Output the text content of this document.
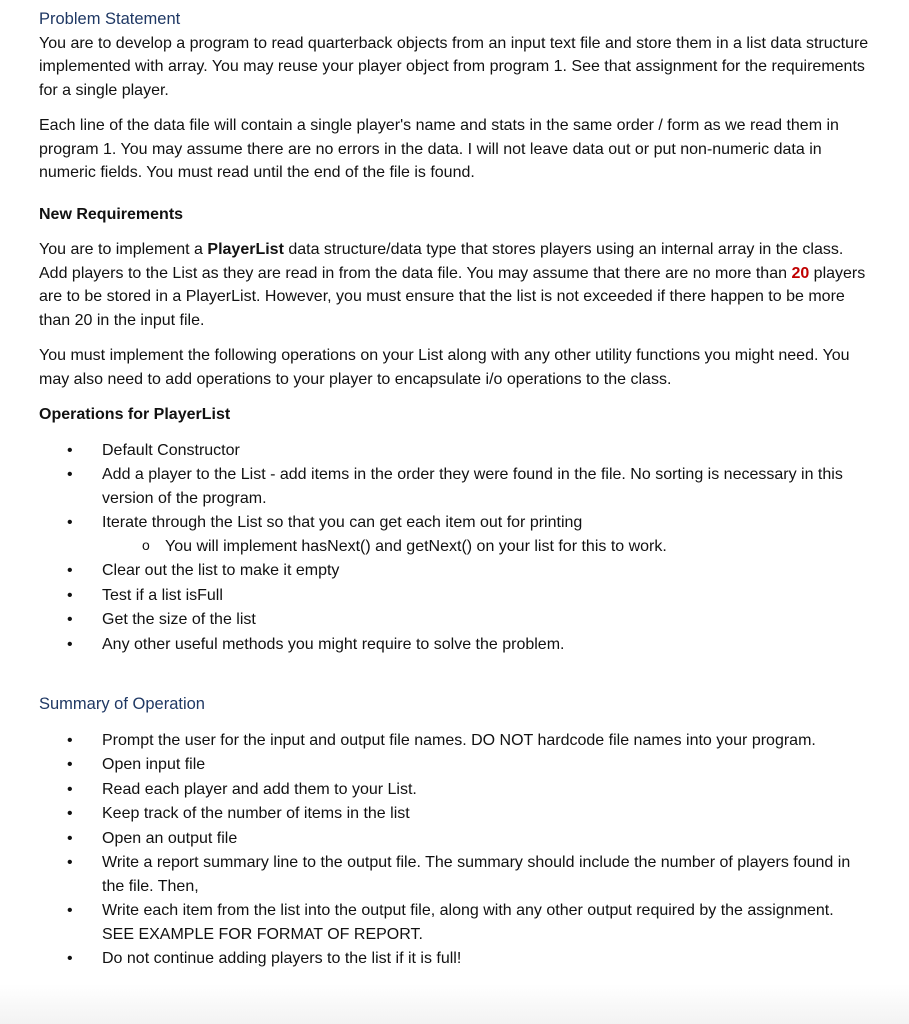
Problem Statement

You are to develop a program to read quarterback objects from an input text file and store them in a list data structure implemented with array. You may reuse your player object from program 1. See that assignment for the requirements for a single player.

Each line of the data file will contain a single player's name and stats in the same order / form as we read them in program 1. You may assume there are no errors in the data. I will not leave data out or put non-numeric data in numeric fields. You must read until the end of the file is found.

New Requirements

You are to implement a PlayerList data structure/data type that stores players using an internal array in the class. Add players to the List as they are read in from the data file. You may assume that there are no more than 20 players are to be stored in a PlayerList. However, you must ensure that the list is not exceeded if there happen to be more than 20 in the input file.

You must implement the following operations on your List along with any other utility functions you might need. You may also need to add operations to your player to encapsulate i/o operations to the class.

Operations for PlayerList

• Default Constructor
• Add a player to the List - add items in the order they were found in the file. No sorting is necessary in this version of the program.
• Iterate through the List so that you can get each item out for printing
o You will implement hasNext() and getNext() on your list for this to work.
• Clear out the list to make it empty
• Test if a list isFull
• Get the size of the list
• Any other useful methods you might require to solve the problem.

Summary of Operation

• Prompt the user for the input and output file names. DO NOT hardcode file names into your program.
• Open input file
• Read each player and add them to your List.
• Keep track of the number of items in the list
• Open an output file
• Write a report summary line to the output file. The summary should include the number of players found in the file. Then,
• Write each item from the list into the output file, along with any other output required by the assignment. SEE EXAMPLE FOR FORMAT OF REPORT.
• Do not continue adding players to the list if it is full!
